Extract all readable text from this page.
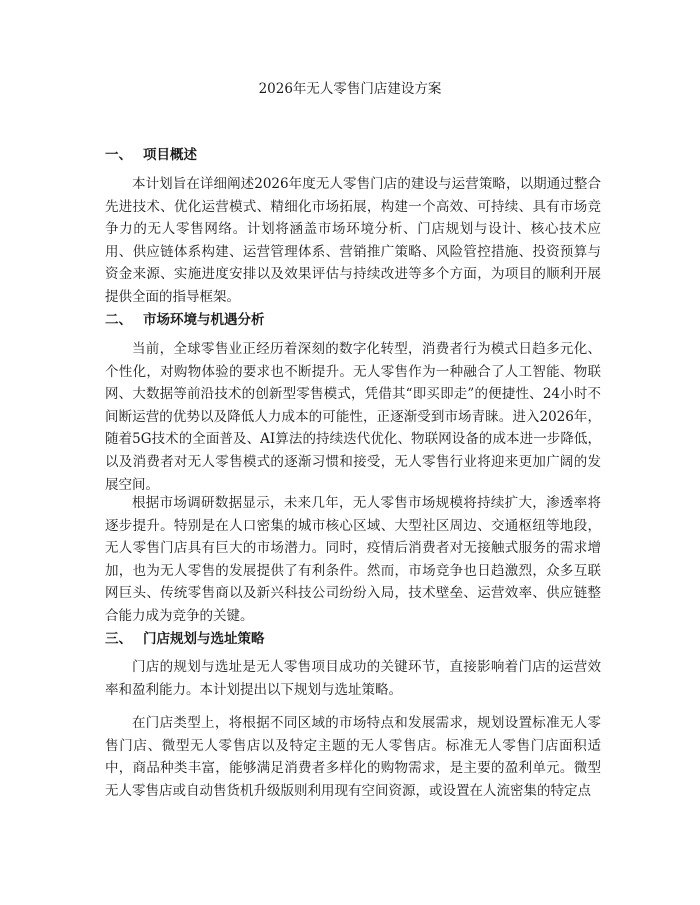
2026年无人零售门店建设方案
一、 项目概述

本计划旨在详细阐述2026年度无人零售门店的建设与运营策略，以期通过整合先进技术、优化运营模式、精细化市场拓展，构建一个高效、可持续、具有市场竞争力的无人零售网络。计划将涵盖市场环境分析、门店规划与设计、核心技术应用、供应链体系构建、运营管理体系、营销推广策略、风险管控措施、投资预算与资金来源、实施进度安排以及效果评估与持续改进等多个方面，为项目的顺利开展提供全面的指导框架。

二、 市场环境与机遇分析

当前，全球零售业正经历着深刻的数字化转型，消费者行为模式日趋多元化、个性化，对购物体验的要求也不断提升。无人零售作为一种融合了人工智能、物联网、大数据等前沿技术的创新型零售模式，凭借其“即买即走”的便捷性、24小时不间断运营的优势以及降低人力成本的可能性，正逐渐受到市场青睐。进入2026年，随着5G技术的全面普及、AI算法的持续迭代优化、物联网设备的成本进一步降低，以及消费者对无人零售模式的逐渐习惯和接受，无人零售行业将迎来更加广阔的发展空间。

根据市场调研数据显示，未来几年，无人零售市场规模将持续扩大，渗透率将逐步提升。特别是在人口密集的城市核心区域、大型社区周边、交通枢纽等地段，无人零售门店具有巨大的市场潜力。同时，疫情后消费者对无接触式服务的需求增加，也为无人零售的发展提供了有利条件。然而，市场竞争也日趋激烈，众多互联网巨头、传统零售商以及新兴科技公司纷纷入局，技术壁垒、运营效率、供应链整合能力成为竞争的关键。

三、 门店规划与选址策略

门店的规划与选址是无人零售项目成功的关键环节，直接影响着门店的运营效率和盈利能力。本计划提出以下规划与选址策略。

在门店类型上，将根据不同区域的市场特点和发展需求，规划设置标准无人零售门店、微型无人零售店以及特定主题的无人零售店。标准无人零售门店面积适中，商品种类丰富，能够满足消费者多样化的购物需求，是主要的盈利单元。微型无人零售店或自动售货机升级版则利用现有空间资源，或设置在人流密集的特定点
